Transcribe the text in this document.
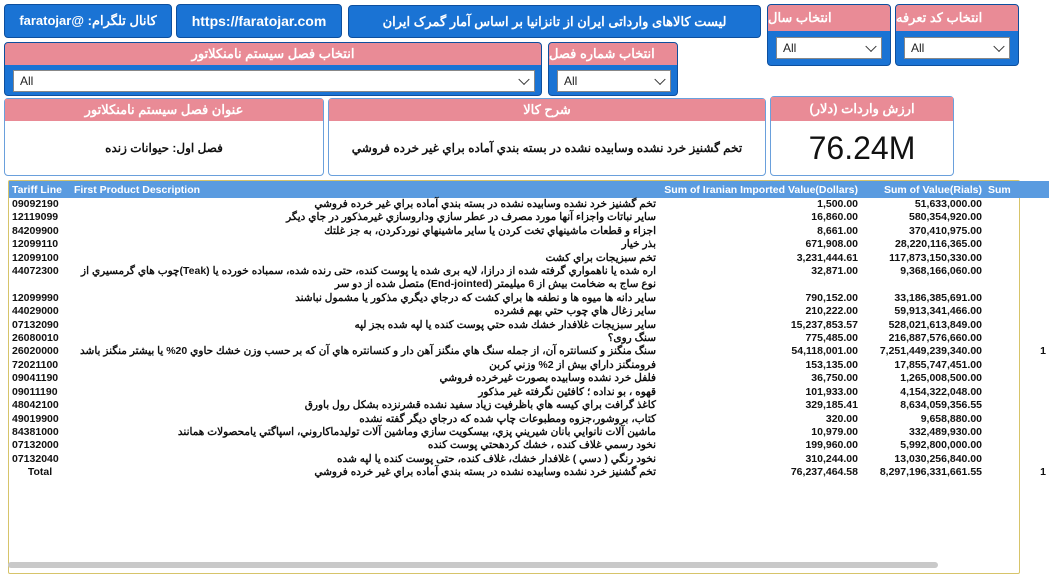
کانال تلگرام: @faratojar	https://faratojar.com	ليست کالاهای وارداتی ايران از تانزانيا بر اساس آمار گمرک ايران	انتخاب سال
All
انتخاب کد تعرفه
All
انتخاب فصل سيستم نامنکلاتور
All
انتخاب شماره فصل
All
عنوان فصل سيستم نامنکلاتور
فصل اول: حيوانات زنده
شرح کالا
تخم گشنيز خرد نشده وسابيده نشده در بسته بندي آماده براي غير خرده فروشي
ارزش واردات (دلار)
76.24M
Tariff Line	First Product Description	Sum of Iranian Imported Value(Dollars)	Sum of Value(Rials)	Sum
09092190	تخم گشنيز خرد نشده وسابيده نشده در بسته بندي آماده براي غير خرده فروشي	1,500.00	51,633,000.00	
12119099	ساير نباتات واجزاء آنها مورد مصرف در عطر سازي وداروسازي غيرمذکور در جاي ديگر	16,860.00	580,354,920.00	
84209900	اجزاء و قطعات ماشينهاي تخت کردن يا ساير ماشينهاي نوردکردن، به جز غلتك	8,661.00	370,410,975.00	
12099110	بذر خيار	671,908.00	28,220,116,365.00	
12099100	تخم سبزيجات براي کشت	3,231,444.61	117,873,150,330.00	
44072300	اره شده يا ناهمواري گرفته شده از درازا، لايه برى شده يا پوست کنده، حتى رنده شده، سمباده خورده يا (Teak)چوب هاي گرمسيري از نوع ساج به ضخامت بيش از 6 ميليمتر (End-jointed) متصل شده از دو سر	32,871.00	9,368,166,060.00	
12099990	ساير دانه ها ميوه ها و نطفه ها براي کشت که درجاي ديگري مذکور يا مشمول نباشند	790,152.00	33,186,385,691.00	
44029000	ساير زغال هاي چوب حتي بهم فشرده	210,222.00	59,913,341,466.00	
07132090	ساير سبزيجات غلافدار خشك شده حتي پوست کنده يا لپه شده بجز لپه	15,237,853.57	528,021,613,849.00	
26080010	سنگ روی؟	775,485.00	216,887,576,660.00	
26020000	سنگ منگنز و کنسانتره آن، از جمله سنگ هاي منگنز آهن دار و کنسانتره هاي آن که بر حسب وزن خشك حاوي 20% يا بيشتر منگنز باشد	54,118,001.00	7,251,449,239,340.00	1
72021100	فرومنگنز داراي بيش از 2% وزني کربن	153,135.00	17,855,747,451.00	
09041190	فلفل خرد نشده وسابيده بصورت غيرخرده فروشي	36,750.00	1,265,008,500.00	
09011190	قهوه ، بو نداده ؛ کافئين نگرفته غير مذکور	101,933.00	4,154,322,048.00	
48042100	کاغذ گرافت براي کيسه هاي باظرفيت زياد سفيد نشده قشرنزده بشکل رول باورق	329,185.41	8,634,059,356.55	
49019900	کتاب، بروشور،جزوه ومطبوعات چاپ شده که درجاي ديگر گفته نشده	320.00	9,658,880.00	
84381000	ماشين آلات نانوايي بانان شيريني پزي، بيسکويت سازي وماشين آلات توليدماکاروني، اسپاگتي يامحصولات همانند	10,979.00	332,489,930.00	
07132000	نخود رسمي غلاف کنده ، خشك کردهحتي پوست کنده	199,960.00	5,992,800,000.00	
07132040	نخود رنگي ( دسي ) غلافدار خشك، غلاف کنده، حتى پوست کنده يا لپه شده	310,244.00	13,030,256,840.00	
Total	تخم گشنيز خرد نشده وسابيده نشده در بسته بندي آماده براي غير خرده فروشي	76,237,464.58	8,297,196,331,661.55	1
